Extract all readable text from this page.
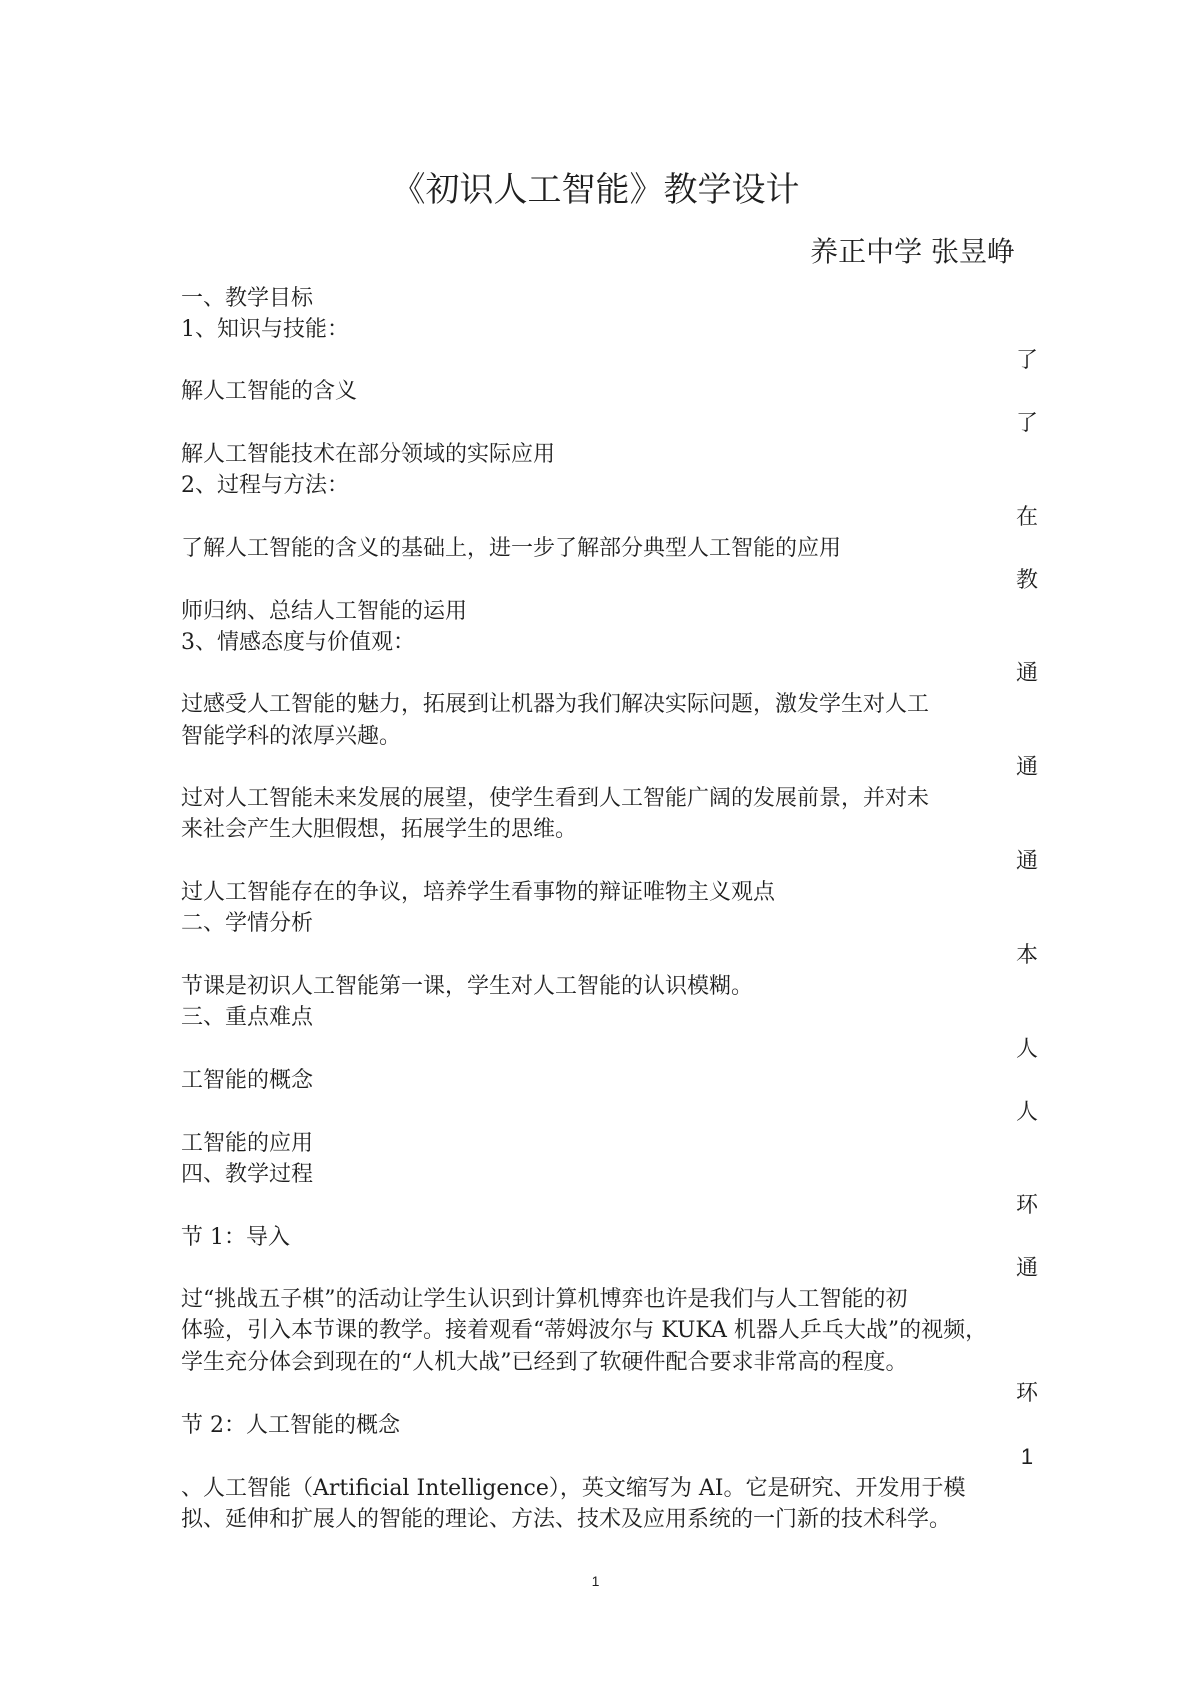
《初识人工智能》教学设计
养正中学 张昱峥
一、教学目标
1、知识与技能：
解人工智能的含义
解人工智能技术在部分领域的实际应用
2、过程与方法：
了解人工智能的含义的基础上，进一步了解部分典型人工智能的应用
师归纳、总结人工智能的运用
3、情感态度与价值观：
过感受人工智能的魅力，拓展到让机器为我们解决实际问题，激发学生对人工
智能学科的浓厚兴趣。
过对人工智能未来发展的展望，使学生看到人工智能广阔的发展前景，并对未
来社会产生大胆假想，拓展学生的思维。
过人工智能存在的争议，培养学生看事物的辩证唯物主义观点
二、学情分析
节课是初识人工智能第一课，学生对人工智能的认识模糊。
三、重点难点
工智能的概念
工智能的应用
四、教学过程
节 1：导入
过“挑战五子棋”的活动让学生认识到计算机博弈也许是我们与人工智能的初
体验，引入本节课的教学。接着观看“蒂姆波尔与 KUKA 机器人乒乓大战”的视频，
学生充分体会到现在的“人机大战”已经到了软硬件配合要求非常高的程度。
节 2：人工智能的概念
、人工智能（Artificial Intelligence），英文缩写为 AI。它是研究、开发用于模
拟、延伸和扩展人的智能的理论、方法、技术及应用系统的一门新的技术科学。
了
了
在
教
通
通
通
本
人
人
环
通
环
1
1
